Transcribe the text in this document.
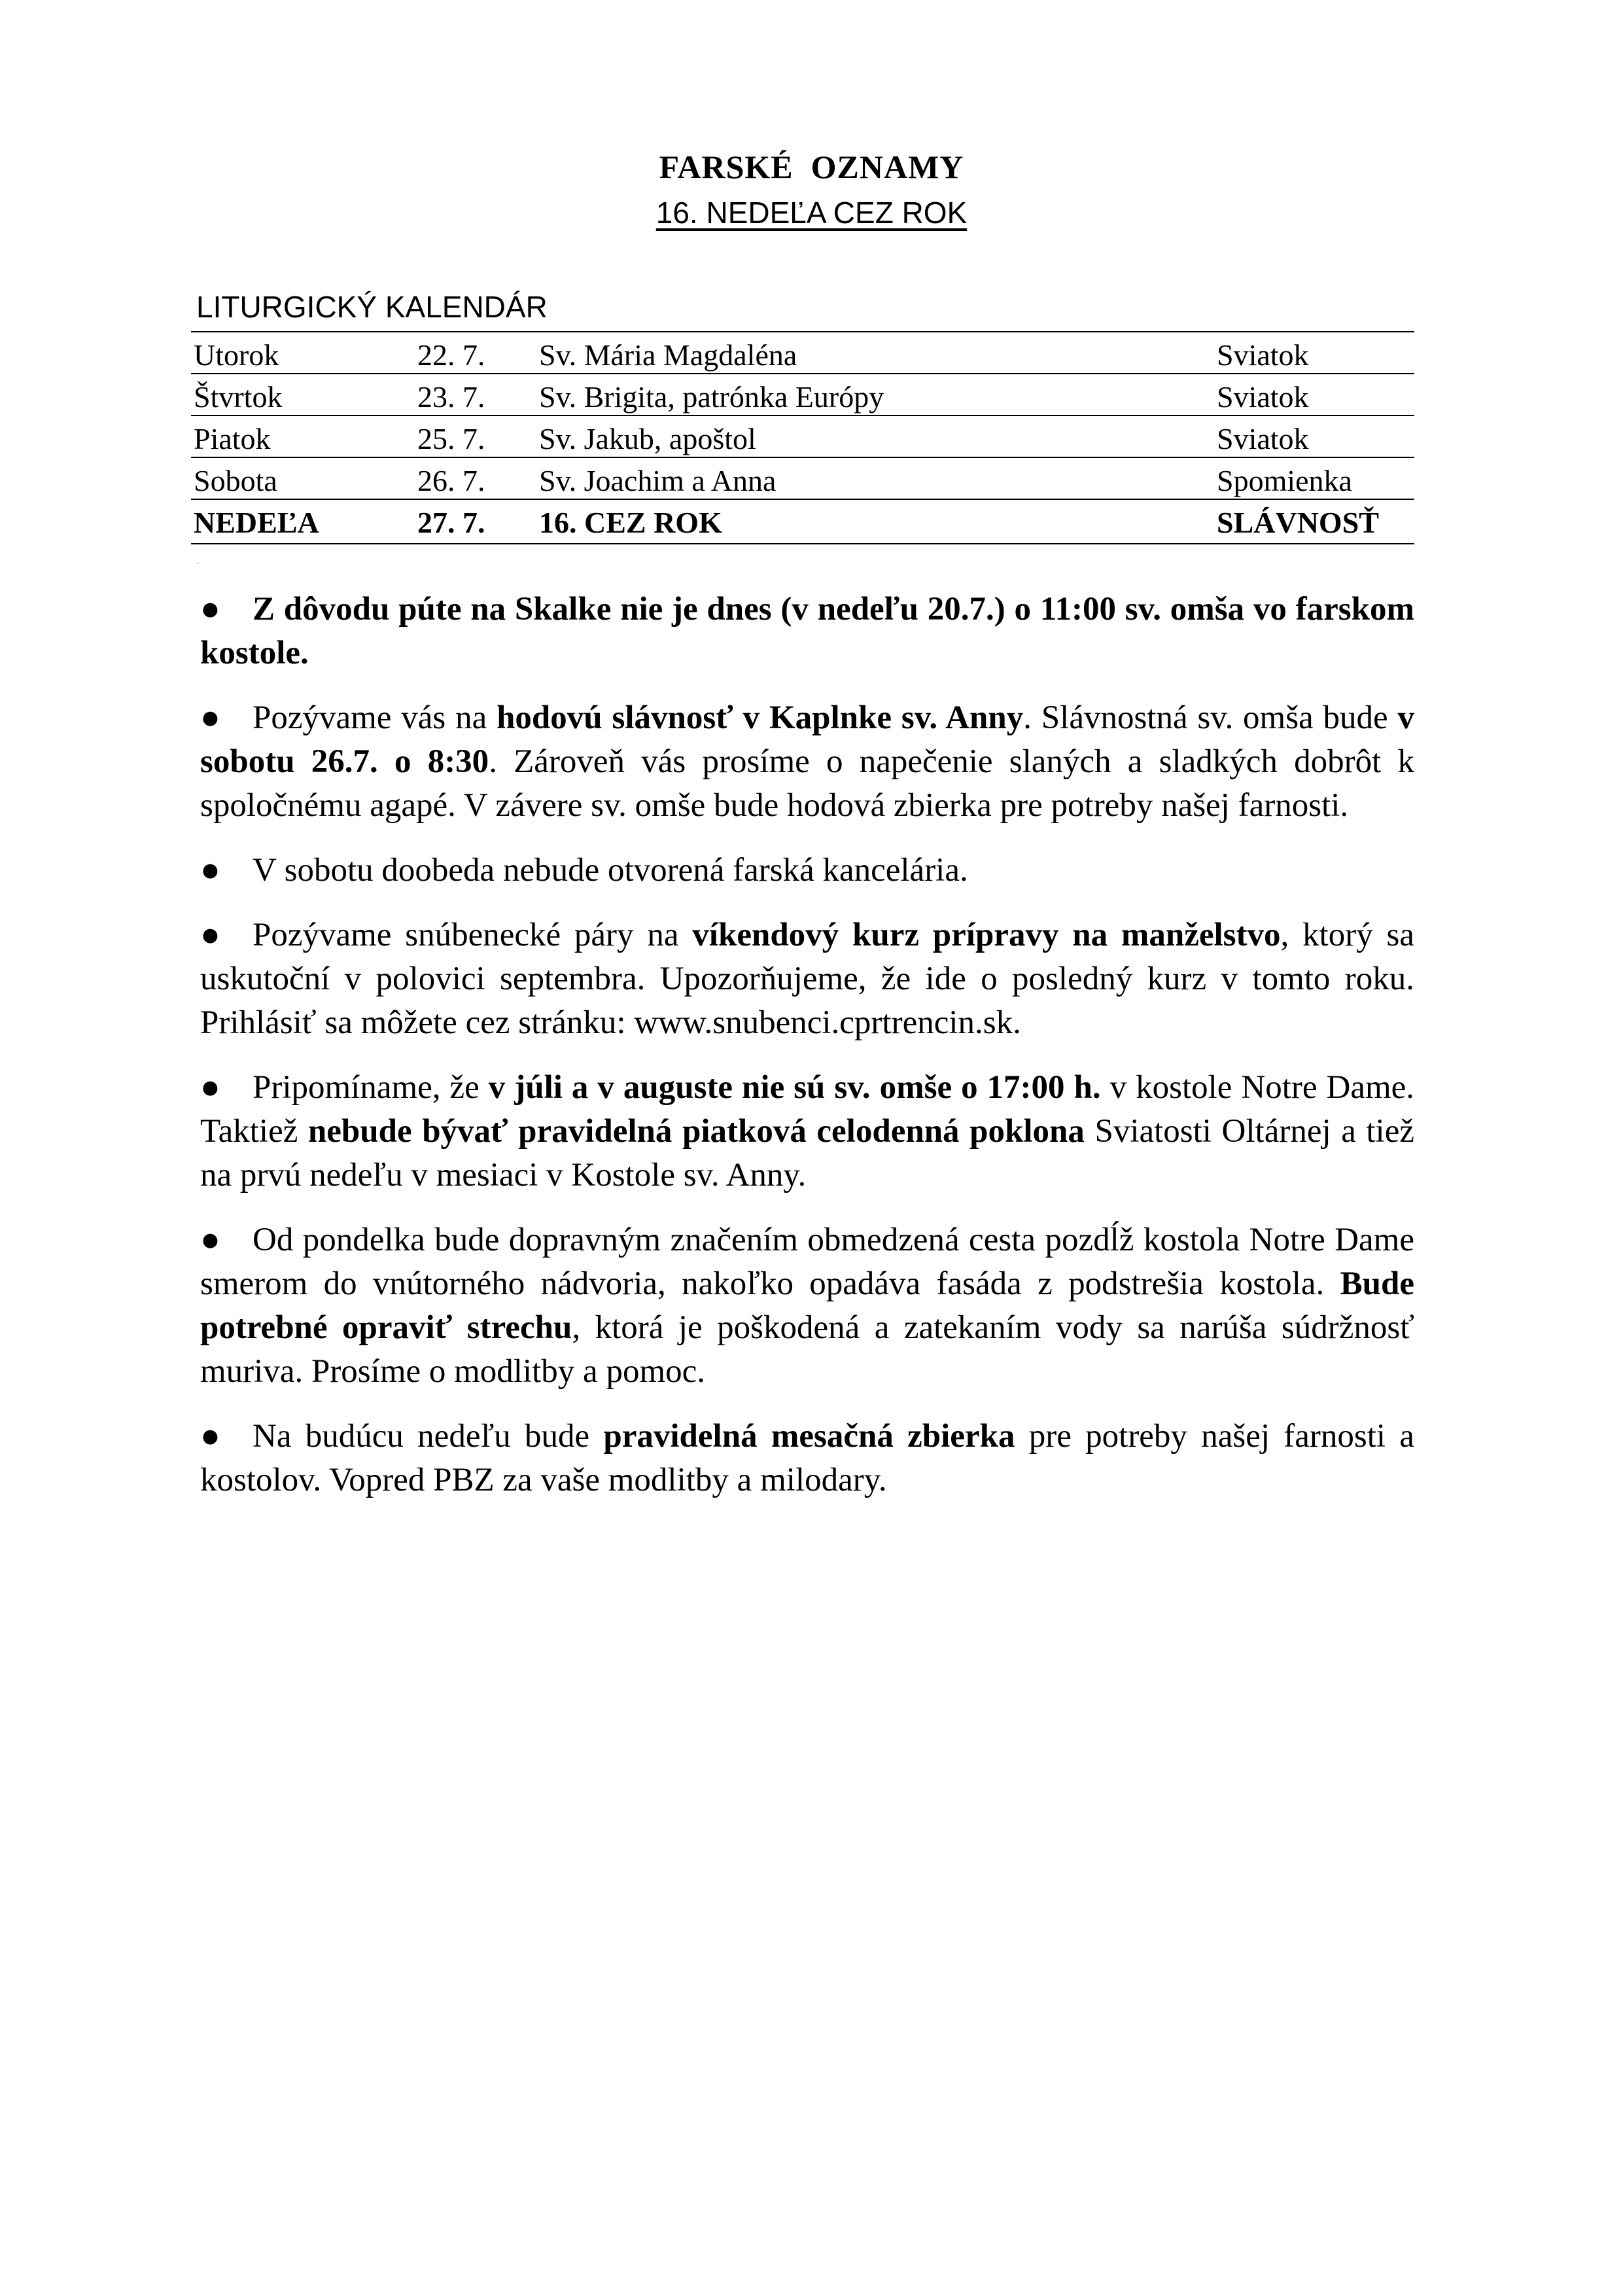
FARSKÉ  OZNAMY
16. NEDEĽA CEZ ROK
LITURGICKÝ KALENDÁR
Utorok	22. 7. Sv. Mária Magdaléna	Sviatok
Štvrtok	23. 7. Sv. Brigita, patrónka Európy	Sviatok
Piatok	25. 7. Sv. Jakub, apoštol	Sviatok
Sobota	26. 7. Sv. Joachim a Anna	Spomienka
NEDEĽA	27. 7. 16. CEZ ROK	SLÁVNOSŤ
¨

● Z dôvodu púte na Skalke nie je dnes (v nedeľu 20.7.) o 11:00 sv. omša vo farskom kostole.

● Pozývame vás na hodovú slávnosť v Kaplnke sv. Anny. Slávnostná sv. omša bude v sobotu 26.7. o 8:30. Zároveň vás prosíme o napečenie slaných a sladkých dobrôt k spoločnému agapé. V závere sv. omše bude hodová zbierka pre potreby našej farnosti.

● V sobotu doobeda nebude otvorená farská kancelária.

● Pozývame snúbenecké páry na víkendový kurz prípravy na manželstvo, ktorý sa uskutoční v polovici septembra. Upozorňujeme, že ide o posledný kurz v tomto roku. Prihlásiť sa môžete cez stránku: www.snubenci.cprtrencin.sk.

● Pripomíname, že v júli a v auguste nie sú sv. omše o 17:00 h. v kostole Notre Dame. Taktiež nebude bývať pravidelná piatková celodenná poklona Sviatosti Oltárnej a tiež na prvú nedeľu v mesiaci v Kostole sv. Anny.

● Od pondelka bude dopravným značením obmedzená cesta pozdĺž kostola Notre Dame smerom do vnútorného nádvoria, nakoľko opadáva fasáda z podstrešia kostola. Bude potrebné opraviť strechu, ktorá je poškodená a zatekaním vody sa narúša súdržnosť muriva. Prosíme o modlitby a pomoc.

● Na budúcu nedeľu bude pravidelná mesačná zbierka pre potreby našej farnosti a kostolov. Vopred PBZ za vaše modlitby a milodary.
